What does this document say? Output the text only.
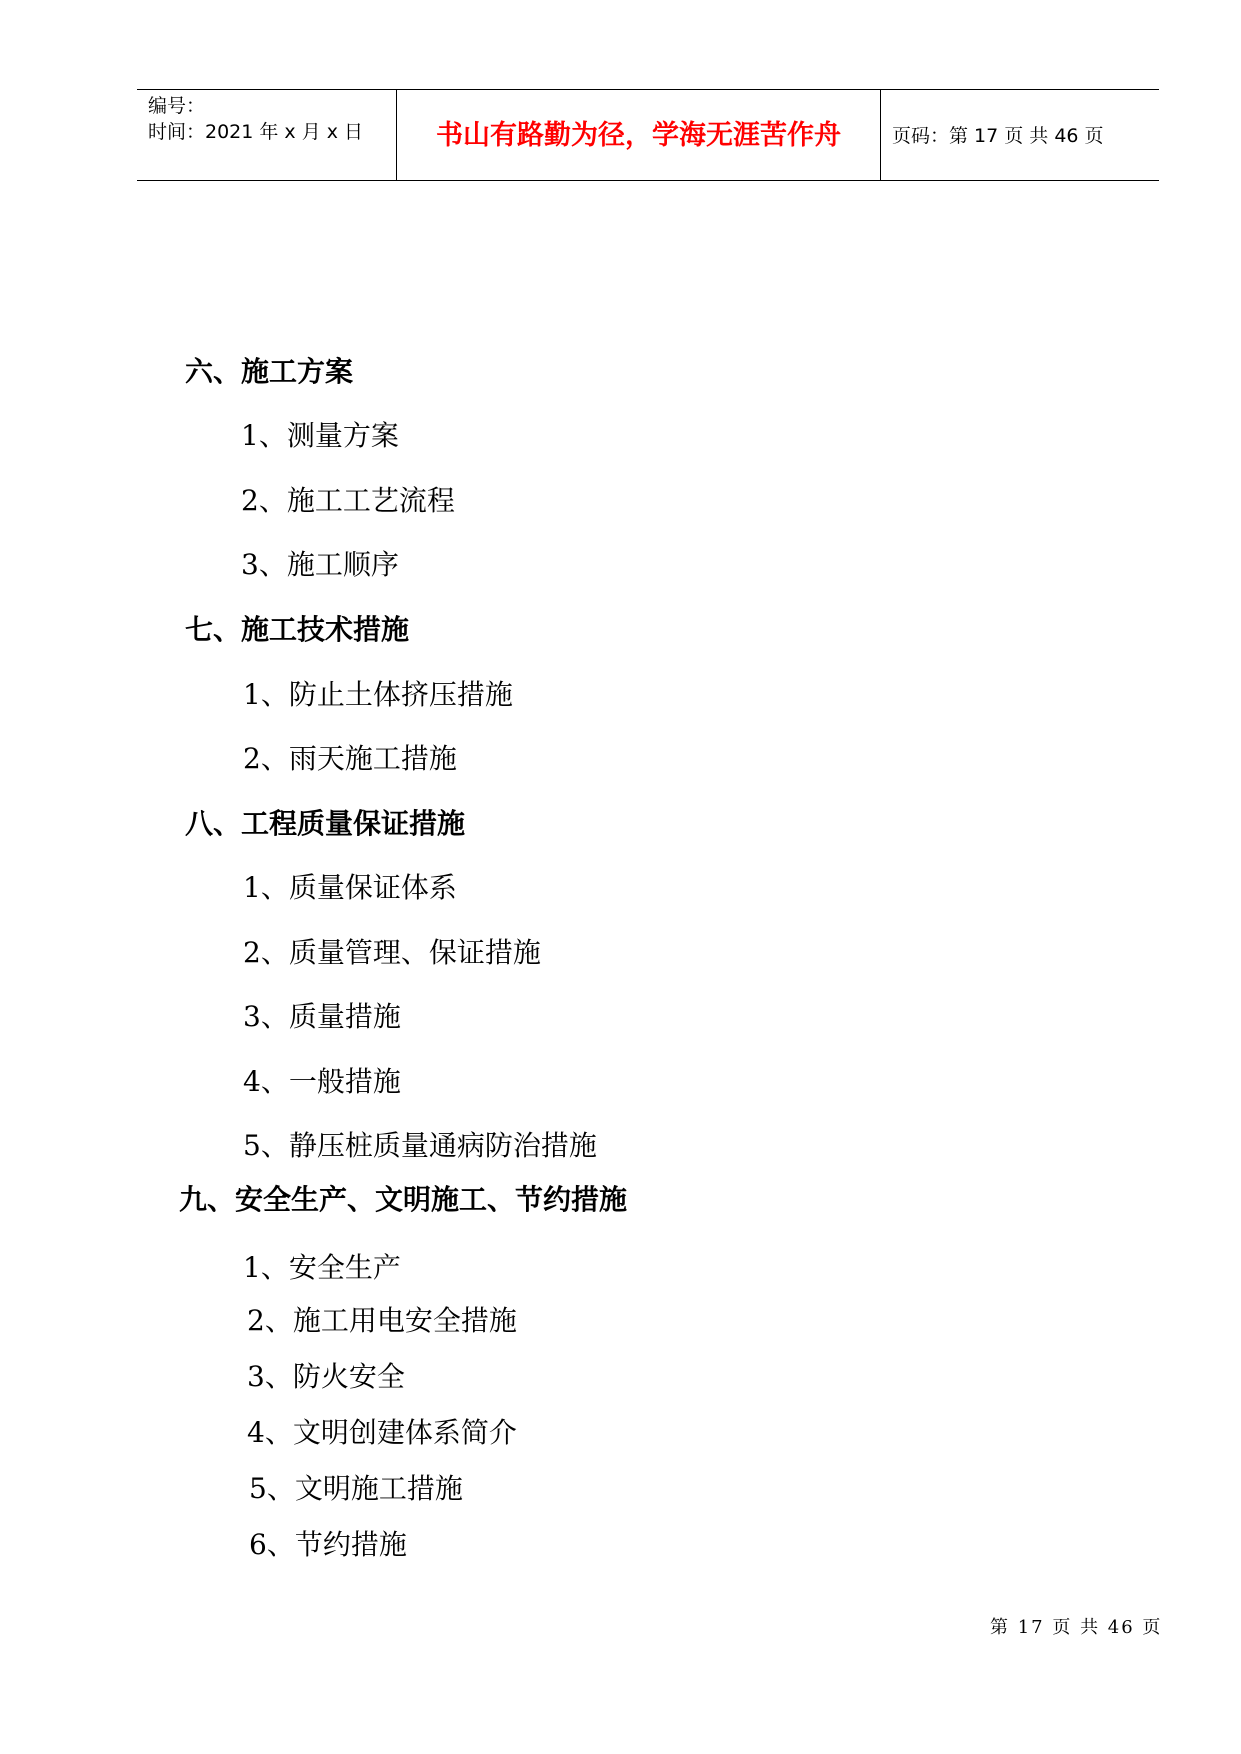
编号：
时间：2021 年 x 月 x 日	书山有路勤为径，学海无涯苦作舟	页码：第 17 页 共 46 页
六、施工方案
1、测量方案
2、施工工艺流程
3、施工顺序
七、施工技术措施
1、防止土体挤压措施
2、雨天施工措施
八、工程质量保证措施
1、质量保证体系
2、质量管理、保证措施
3、质量措施
4、一般措施
5、静压桩质量通病防治措施
九、安全生产、文明施工、节约措施
1、安全生产
2、施工用电安全措施
3、防火安全
4、文明创建体系简介
5、文明施工措施
6、节约措施
第 17 页 共 46 页
